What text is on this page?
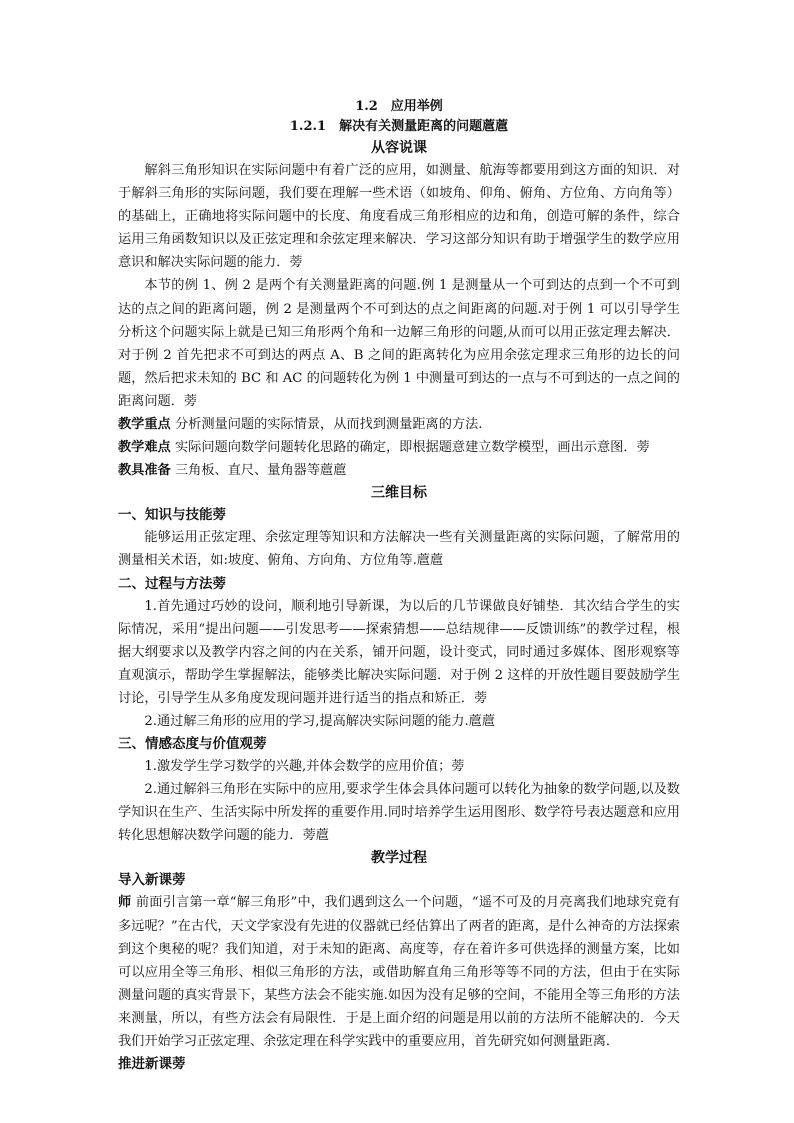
1.2　应用举例
1.2.1　解决有关测量距离的问题蔰蔰
从容说课

解斜三角形知识在实际问题中有着广泛的应用，如测量、航海等都要用到这方面的知识．对于解斜三角形的实际问题，我们要在理解一些术语（如坡角、仰角、俯角、方位角、方向角等）的基础上，正确地将实际问题中的长度、角度看成三角形相应的边和角，创造可解的条件，综合运用三角函数知识以及正弦定理和余弦定理来解决．学习这部分知识有助于增强学生的数学应用意识和解决实际问题的能力．蒡

本节的例 1、例 2 是两个有关测量距离的问题.例 1 是测量从一个可到达的点到一个不可到达的点之间的距离问题，例 2 是测量两个不可到达的点之间距离的问题.对于例 1 可以引导学生分析这个问题实际上就是已知三角形两个角和一边解三角形的问题,从而可以用正弦定理去解决．对于例 2 首先把求不可到达的两点 A、B 之间的距离转化为应用余弦定理求三角形的边长的问题，然后把求未知的 BC 和 AC 的问题转化为例 1 中测量可到达的一点与不可到达的一点之间的距离问题．蒡

教学重点 分析测量问题的实际情景，从而找到测量距离的方法.

教学难点 实际问题向数学问题转化思路的确定，即根据题意建立数学模型，画出示意图．蒡

教具准备 三角板、直尺、量角器等蔰蔰

三维目标
一、知识与技能蒡

能够运用正弦定理、余弦定理等知识和方法解决一些有关测量距离的实际问题，了解常用的测量相关术语，如:坡度、俯角、方向角、方位角等.蔰蔰

二、过程与方法蒡

1.首先通过巧妙的设问，顺利地引导新课，为以后的几节课做良好铺垫．其次结合学生的实际情况，采用“提出问题——引发思考——探索猜想——总结规律——反馈训练”的教学过程，根据大纲要求以及教学内容之间的内在关系，铺开问题，设计变式，同时通过多媒体、图形观察等直观演示，帮助学生掌握解法，能够类比解决实际问题．对于例 2 这样的开放性题目要鼓励学生讨论，引导学生从多角度发现问题并进行适当的指点和矫正．蒡

2.通过解三角形的应用的学习,提高解决实际问题的能力.蔰蔰

三、情感态度与价值观蒡

1.激发学生学习数学的兴趣,并体会数学的应用价值；蒡

2.通过解斜三角形在实际中的应用,要求学生体会具体问题可以转化为抽象的数学问题,以及数学知识在生产、生活实际中所发挥的重要作用.同时培养学生运用图形、数学符号表达题意和应用转化思想解决数学问题的能力．蒡蔰

教学过程
导入新课蒡

师 前面引言第一章“解三角形”中，我们遇到这么一个问题，“遥不可及的月亮离我们地球究竟有多远呢？”在古代，天文学家没有先进的仪器就已经估算出了两者的距离，是什么神奇的方法探索到这个奥秘的呢？我们知道，对于未知的距离、高度等，存在着许多可供选择的测量方案，比如可以应用全等三角形、相似三角形的方法，或借助解直角三角形等等不同的方法，但由于在实际测量问题的真实背景下，某些方法会不能实施.如因为没有足够的空间，不能用全等三角形的方法来测量，所以，有些方法会有局限性．于是上面介绍的问题是用以前的方法所不能解决的．今天我们开始学习正弦定理、余弦定理在科学实践中的重要应用，首先研究如何测量距离．

推进新课蒡
